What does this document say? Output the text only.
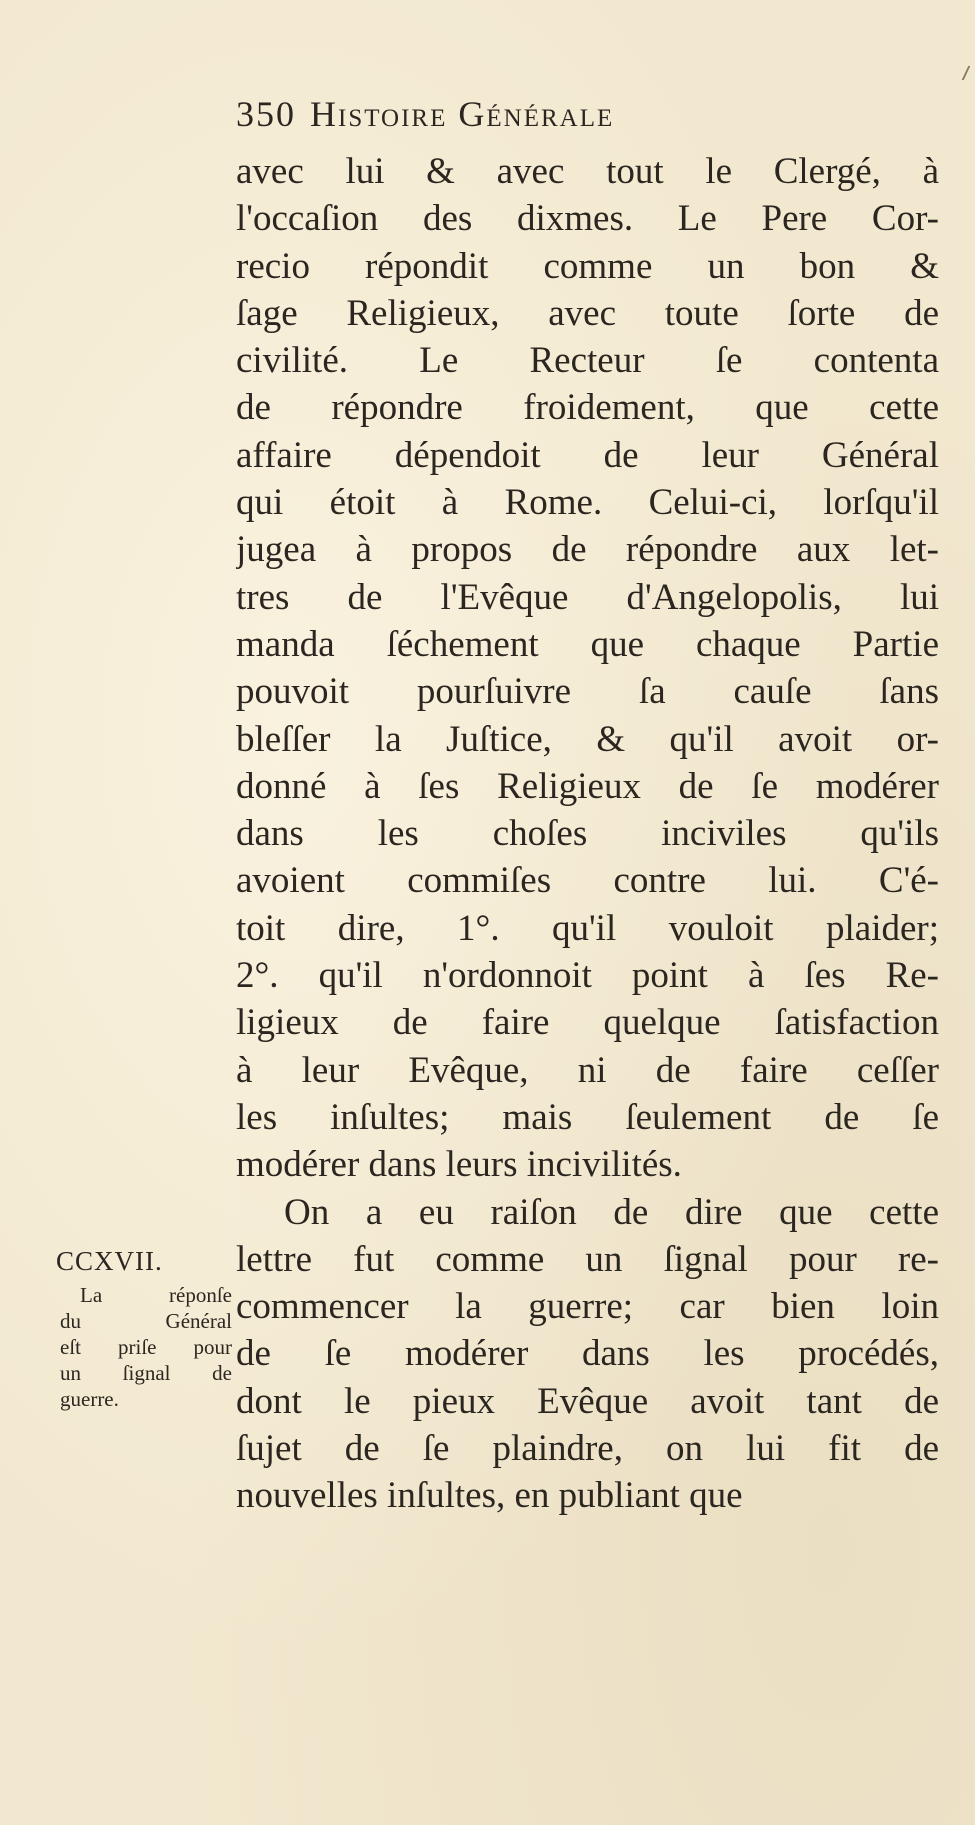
350 Histoire Générale
avec lui & avec tout le Clergé, à
l'occaſion des dixmes. Le Pere Cor-
recio répondit comme un bon &
ſage Religieux, avec toute ſorte de
civilité. Le Recteur ſe contenta
de répondre froidement, que cette
affaire dépendoit de leur Général
qui étoit à Rome. Celui-ci, lorſqu'il
jugea à propos de répondre aux let-
tres de l'Evêque d'Angelopolis, lui
manda ſéchement que chaque Partie
pouvoit pourſuivre ſa cauſe ſans
bleſſer la Juſtice, & qu'il avoit or-
donné à ſes Religieux de ſe modérer
dans les choſes inciviles qu'ils
avoient commiſes contre lui. C'é-
toit dire, 1°. qu'il vouloit plaider;
2°. qu'il n'ordonnoit point à ſes Re-
ligieux de faire quelque ſatisfaction
à leur Evêque, ni de faire ceſſer
les inſultes; mais ſeulement de ſe
modérer dans leurs incivilités.
On a eu raiſon de dire que cette
lettre fut comme un ſignal pour re-
commencer la guerre; car bien loin
de ſe modérer dans les procédés,
dont le pieux Evêque avoit tant de
ſujet de ſe plaindre, on lui fit de
nouvelles inſultes, en publiant que
CCXVII.
La réponſe
du Général
eſt priſe pour
un ſignal de
guerre.
